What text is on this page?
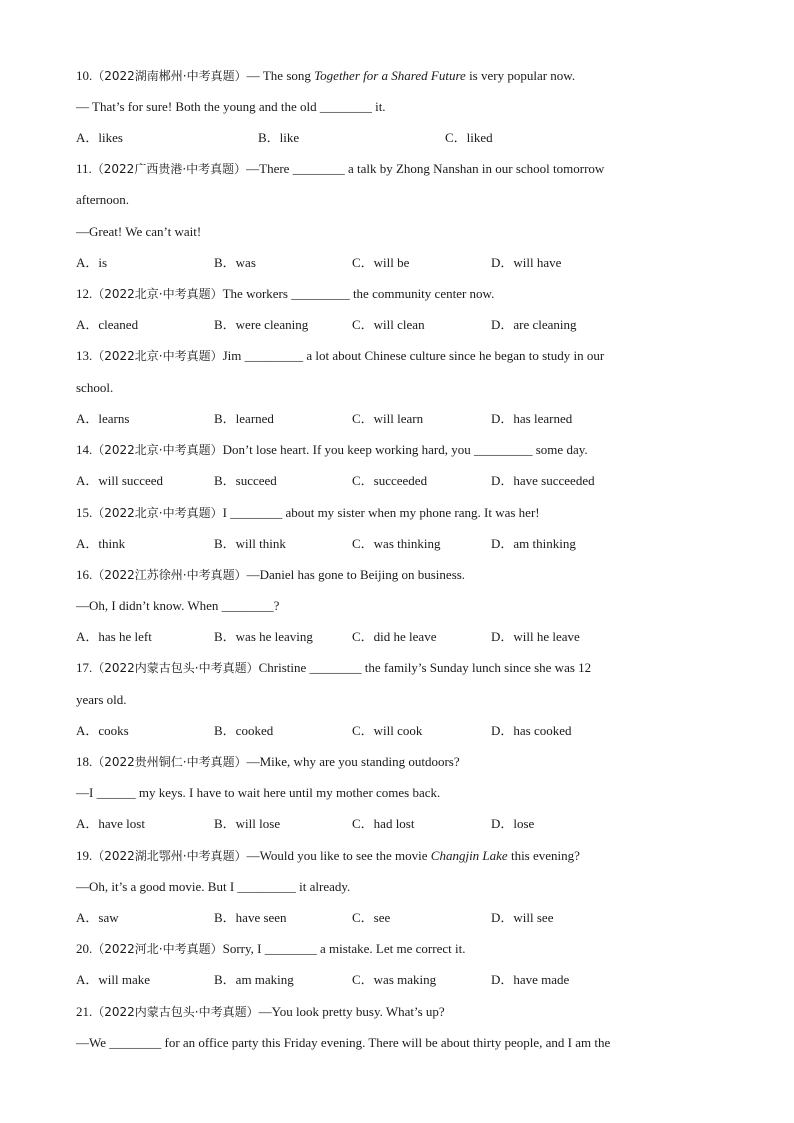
10.（2022湖南郴州·中考真题）— The song Together for a Shared Future is very popular now.
— That’s for sure! Both the young and the old ________ it.
A．likes	B．like	C．liked
11.（2022广西贵港·中考真题）—There ________ a talk by Zhong Nanshan in our school tomorrow
afternoon.
—Great! We can’t wait!
A．is	B．was	C．will be	D．will have
12.（2022北京·中考真题）The workers _________ the community center now.
A．cleaned	B．were cleaning	C．will clean	D．are cleaning
13.（2022北京·中考真题）Jim _________ a lot about Chinese culture since he began to study in our
school.
A．learns	B．learned	C．will learn	D．has learned
14.（2022北京·中考真题）Don’t lose heart. If you keep working hard, you _________ some day.
A．will succeed	B．succeed	C．succeeded	D．have succeeded
15.（2022北京·中考真题）I ________ about my sister when my phone rang. It was her!
A．think	B．will think	C．was thinking	D．am thinking
16.（2022江苏徐州·中考真题）—Daniel has gone to Beijing on business.
—Oh, I didn’t know. When ________?
A．has he left	B．was he leaving	C．did he leave	D．will he leave
17.（2022内蒙古包头·中考真题）Christine ________ the family’s Sunday lunch since she was 12
years old.
A．cooks	B．cooked	C．will cook	D．has cooked
18.（2022贵州铜仁·中考真题）—Mike, why are you standing outdoors?
—I ______ my keys. I have to wait here until my mother comes back.
A．have lost	B．will lose	C．had lost	D．lose
19.（2022湖北鄂州·中考真题）—Would you like to see the movie Changjin Lake this evening?
—Oh, it’s a good movie. But I _________ it already.
A．saw	B．have seen	C．see	D．will see
20.（2022河北·中考真题）Sorry, I ________ a mistake. Let me correct it.
A．will make	B．am making	C．was making	D．have made
21.（2022内蒙古包头·中考真题）—You look pretty busy. What’s up?
—We ________ for an office party this Friday evening. There will be about thirty people, and I am the
